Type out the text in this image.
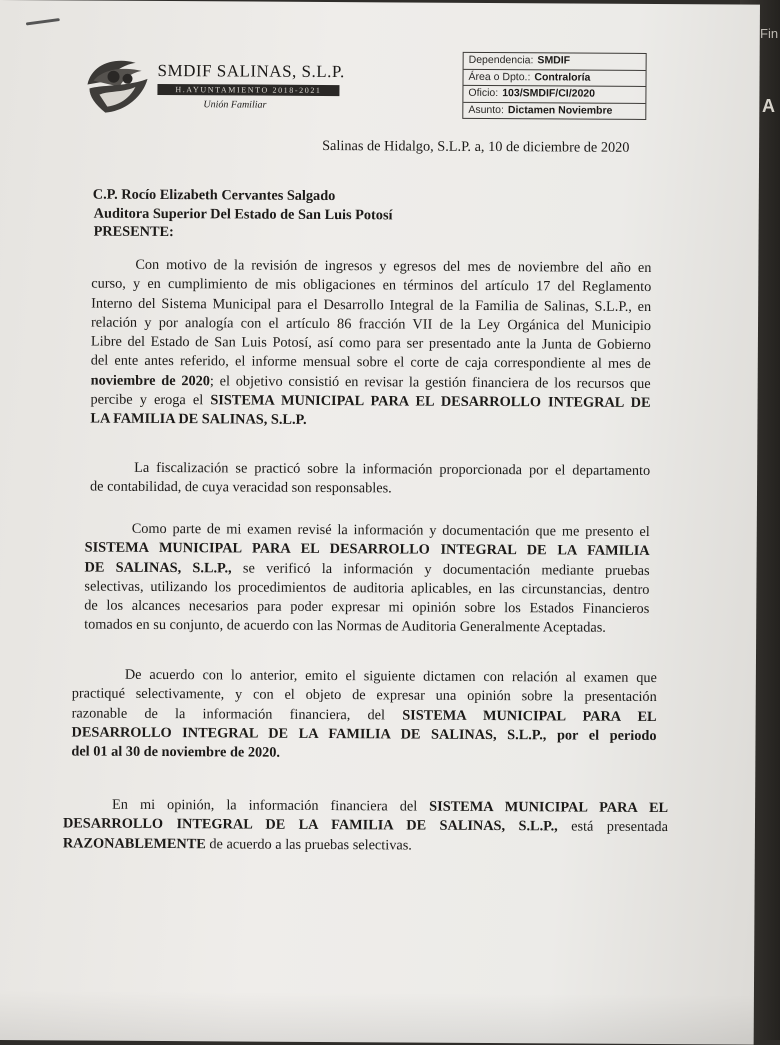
Fin
A
SMDIF SALINAS, S.L.P.
H.AYUNTAMIENTO 2018-2021
Unión Familiar
Dependencia: SMDIF
Área o Dpto.: Contraloría
Oficio: 103/SMDIF/CI/2020
Asunto: Dictamen Noviembre
Salinas de Hidalgo, S.L.P. a, 10 de diciembre de 2020
C.P. Rocío Elizabeth Cervantes Salgado
Auditora Superior Del Estado de San Luis Potosí
PRESENTE:
Con motivo de la revisión de ingresos y egresos del mes de noviembre del año en
curso, y en cumplimiento de mis obligaciones en términos del artículo 17 del Reglamento
Interno del Sistema Municipal para el Desarrollo Integral de la Familia de Salinas, S.L.P., en
relación y por analogía con el artículo 86 fracción VII de la Ley Orgánica del Municipio
Libre del Estado de San Luis Potosí, así como para ser presentado ante la Junta de Gobierno
del ente antes referido, el informe mensual sobre el corte de caja correspondiente al mes de
noviembre de 2020; el objetivo consistió en revisar la gestión financiera de los recursos que
percibe y eroga el SISTEMA MUNICIPAL PARA EL DESARROLLO INTEGRAL DE
LA FAMILIA DE SALINAS, S.L.P.
La fiscalización se practicó sobre la información proporcionada por el departamento
de contabilidad, de cuya veracidad son responsables.
Como parte de mi examen revisé la información y documentación que me presento el
SISTEMA MUNICIPAL PARA EL DESARROLLO INTEGRAL DE LA FAMILIA
DE SALINAS, S.L.P., se verificó la información y documentación mediante pruebas
selectivas, utilizando los procedimientos de auditoria aplicables, en las circunstancias, dentro
de los alcances necesarios para poder expresar mi opinión sobre los Estados Financieros
tomados en su conjunto, de acuerdo con las Normas de Auditoria Generalmente Aceptadas.
De acuerdo con lo anterior, emito el siguiente dictamen con relación al examen que
practiqué selectivamente, y con el objeto de expresar una opinión sobre la presentación
razonable de la información financiera, del SISTEMA MUNICIPAL PARA EL
DESARROLLO INTEGRAL DE LA FAMILIA DE SALINAS, S.L.P., por el periodo
del 01 al 30 de noviembre de 2020.
En mi opinión, la información financiera del SISTEMA MUNICIPAL PARA EL
DESARROLLO INTEGRAL DE LA FAMILIA DE SALINAS, S.L.P., está presentada
RAZONABLEMENTE de acuerdo a las pruebas selectivas.
